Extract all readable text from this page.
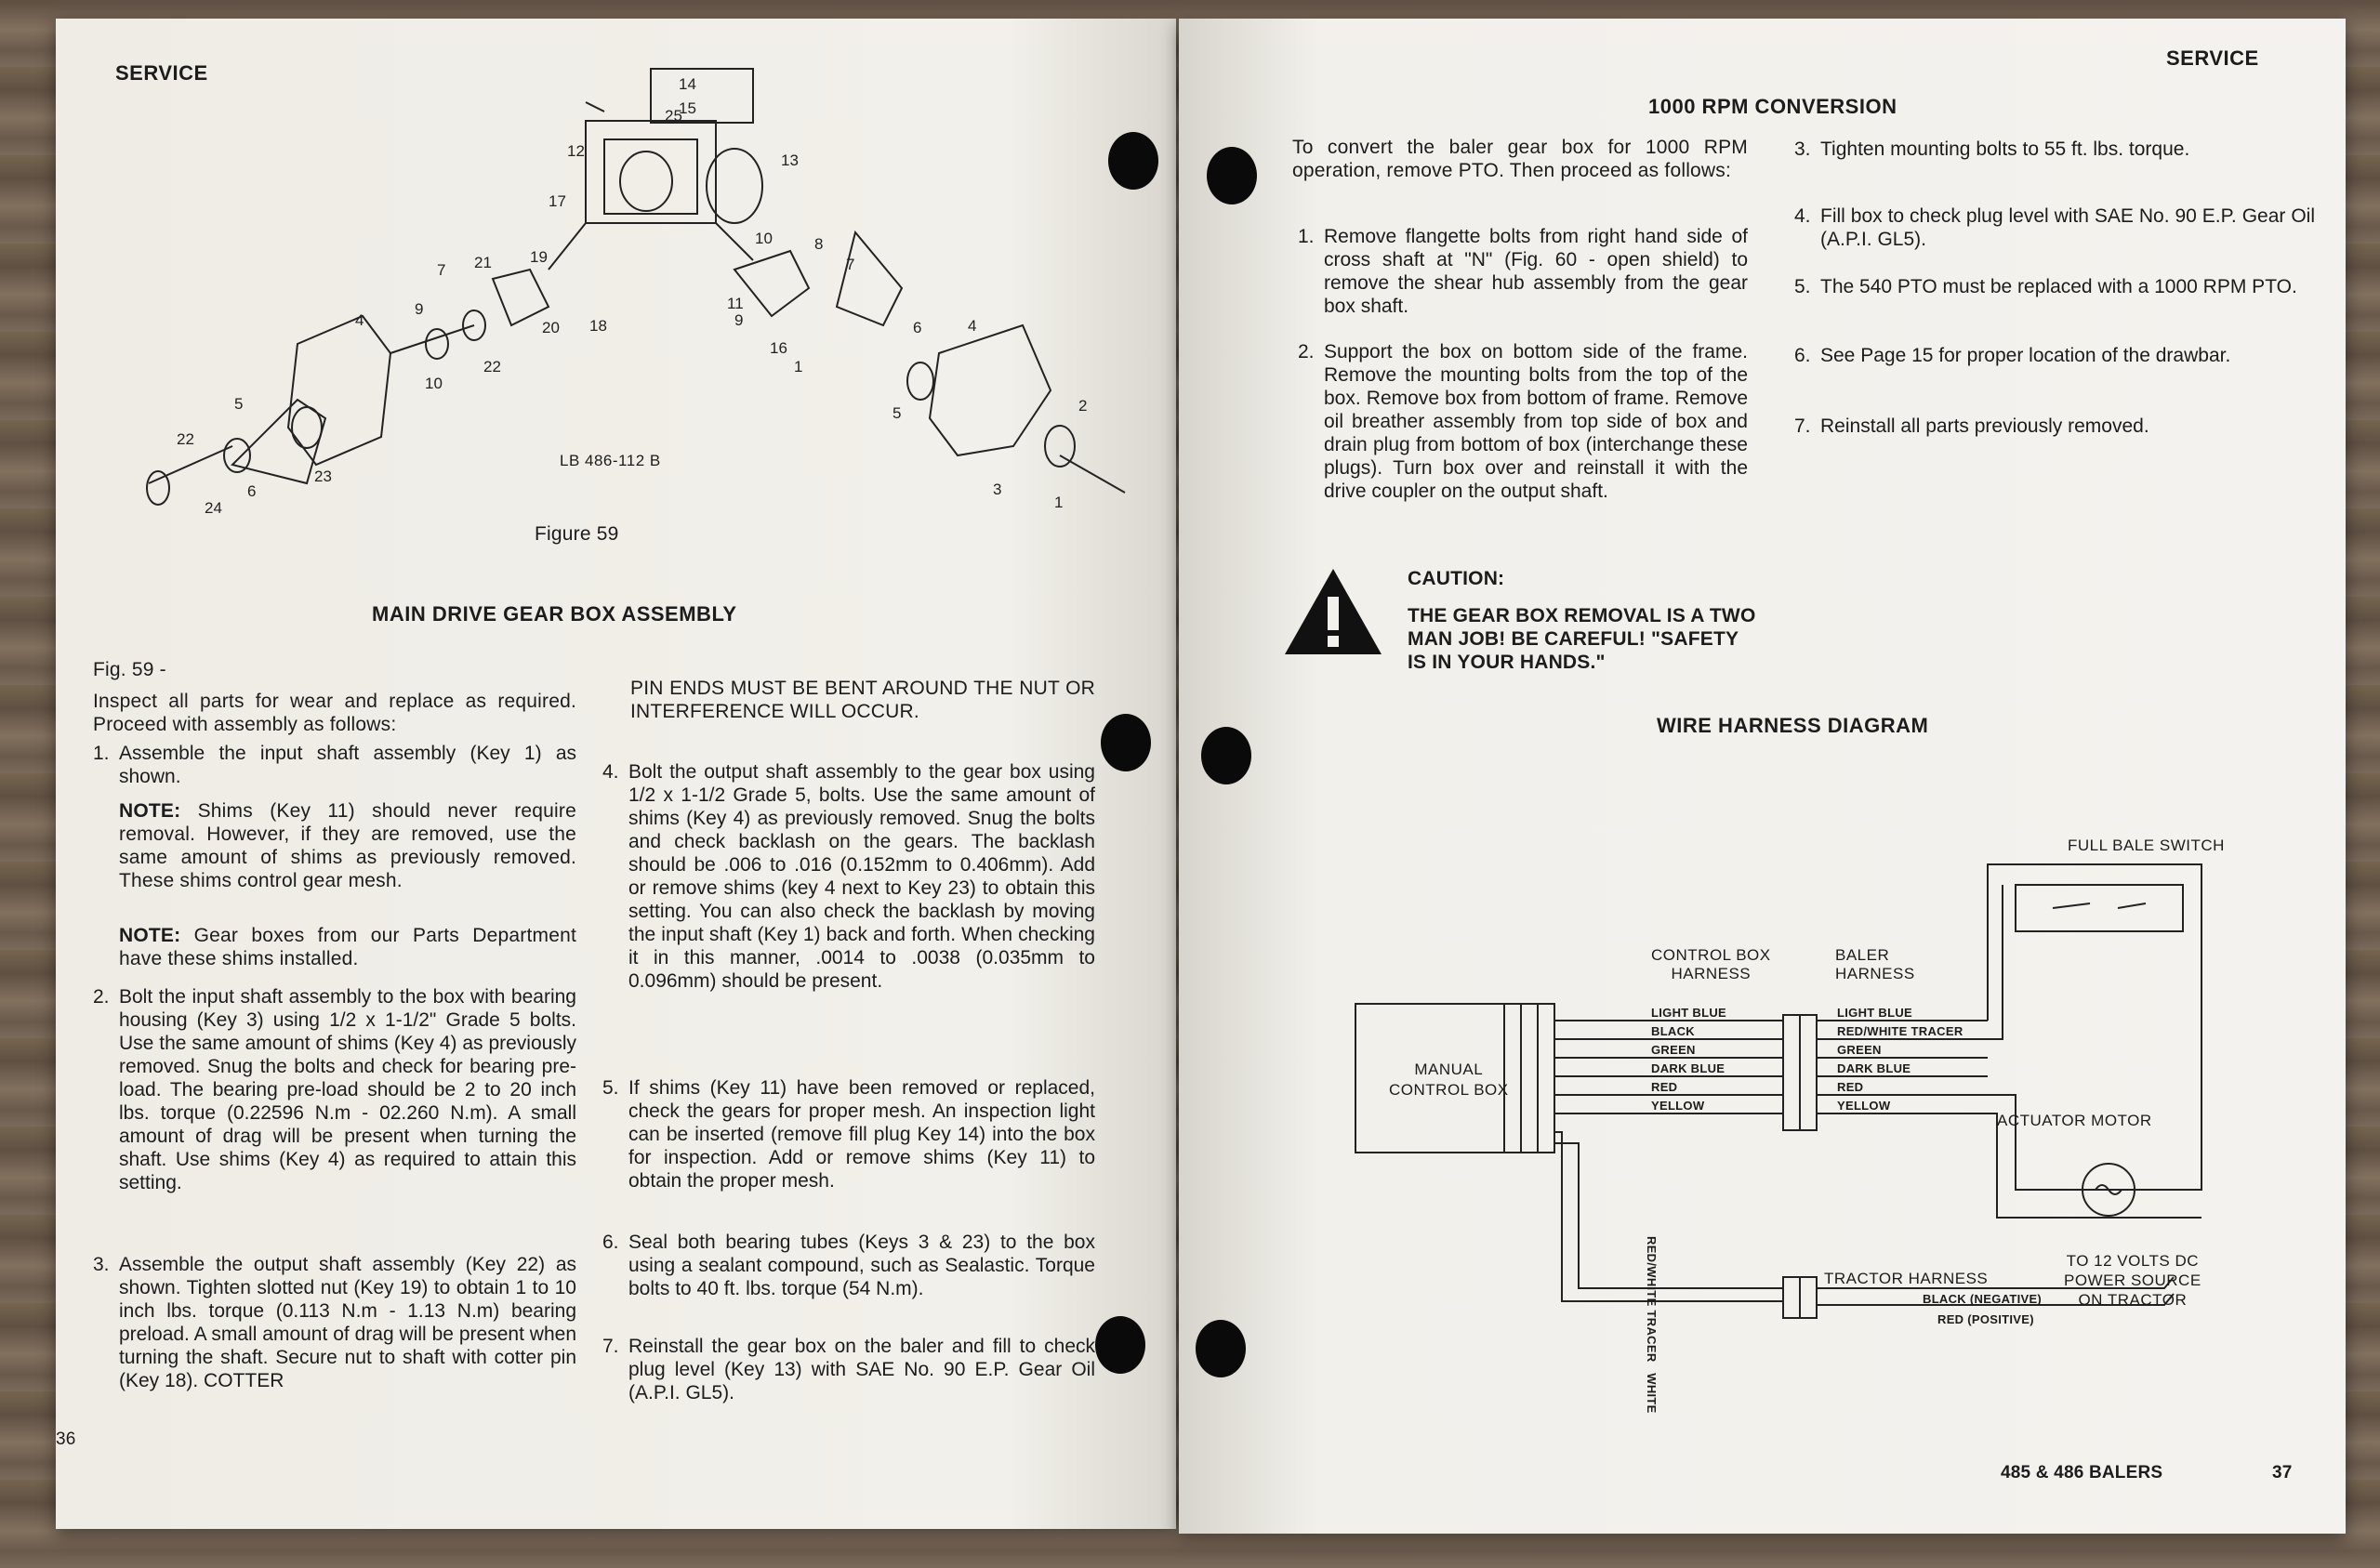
SERVICE	14
15
25
13
12
17
19
10	8
7
21
11
9
20 18
7
4
9
22
10
6	4
16
1
5
5	2
22
6
23
3
24	1
LB 486-112 B
Figure 59
MAIN DRIVE GEAR BOX ASSEMBLY
Fig. 59 -
Inspect all parts for wear and replace as required. Proceed with assembly as follows:
1. Assemble the input shaft assembly (Key 1) as shown.
NOTE: Shims (Key 11) should never require removal. However, if they are removed, use the same amount of shims as previously removed. These shims control gear mesh.
NOTE: Gear boxes from our Parts Department have these shims installed.
2. Bolt the input shaft assembly to the box with bearing housing (Key 3) using 1/2 x 1-1/2" Grade 5 bolts. Use the same amount of shims (Key 4) as previously removed. Snug the bolts and check for bearing pre-load. The bearing pre-load should be 2 to 20 inch lbs. torque (0.22596 N.m - 02.260 N.m). A small amount of drag will be present when turning the shaft. Use shims (Key 4) as required to attain this setting.
3. Assemble the output shaft assembly (Key 22) as shown. Tighten slotted nut (Key 19) to obtain 1 to 10 inch lbs. torque (0.113 N.m - 1.13 N.m) bearing preload. A small amount of drag will be present when turning the shaft. Secure nut to shaft with cotter pin (Key 18). COTTER
PIN ENDS MUST BE BENT AROUND THE NUT OR INTERFERENCE WILL OCCUR.
4. Bolt the output shaft assembly to the gear box using 1/2 x 1-1/2 Grade 5, bolts. Use the same amount of shims (Key 4) as previously removed. Snug the bolts and check backlash on the gears. The backlash should be .006 to .016 (0.152mm to 0.406mm). Add or remove shims (key 4 next to Key 23) to obtain this setting. You can also check the backlash by moving the input shaft (Key 1) back and forth. When checking it in this manner, .0014 to .0038 (0.035mm to 0.096mm) should be present.
5. If shims (Key 11) have been removed or replaced, check the gears for proper mesh. An inspection light can be inserted (remove fill plug Key 14) into the box for inspection. Add or remove shims (Key 11) to obtain the proper mesh.
6. Seal both bearing tubes (Keys 3 & 23) to the box using a sealant compound, such as Sealastic. Torque bolts to 40 ft. lbs. torque (54 N.m).
7. Reinstall the gear box on the baler and fill to check plug level (Key 13) with SAE No. 90 E.P. Gear Oil (A.P.I. GL5).
36
SERVICE
1000 RPM CONVERSION
To convert the baler gear box for 1000 RPM operation, remove PTO. Then proceed as follows:
1. Remove flangette bolts from right hand side of cross shaft at "N" (Fig. 60 - open shield) to remove the shear hub assembly from the gear box shaft.
2. Support the box on bottom side of the frame. Remove the mounting bolts from the top of the box. Remove box from bottom of frame. Remove oil breather assembly from top side of box and drain plug from bottom of box (interchange these plugs). Turn box over and reinstall it with the drive coupler on the output shaft.
CAUTION:
THE GEAR BOX REMOVAL IS A TWO MAN JOB! BE CAREFUL! "SAFETY IS IN YOUR HANDS."
3. Tighten mounting bolts to 55 ft. lbs. torque.
4. Fill box to check plug level with SAE No. 90 E.P. Gear Oil (A.P.I. GL5).
5. The 540 PTO must be replaced with a 1000 RPM PTO.
6. See Page 15 for proper location of the drawbar.
7. Reinstall all parts previously removed.
WIRE HARNESS DIAGRAM
FULL BALE SWITCH
CONTROL BOX
HARNESS
BALER
HARNESS
MANUAL
CONTROL BOX
ACTUATOR MOTOR
TRACTOR HARNESS
TO 12 VOLTS DC
POWER SOURCE
ON TRACTOR
LIGHT BLUE
BLACK
GREEN
DARK BLUE
RED
YELLOW
LIGHT BLUE
RED/WHITE TRACER
GREEN
DARK BLUE
RED
YELLOW
RED/WHITE TRACER   WHITE	BLACK (NEGATIVE)
RED (POSITIVE)
485 & 486 BALERS	37
